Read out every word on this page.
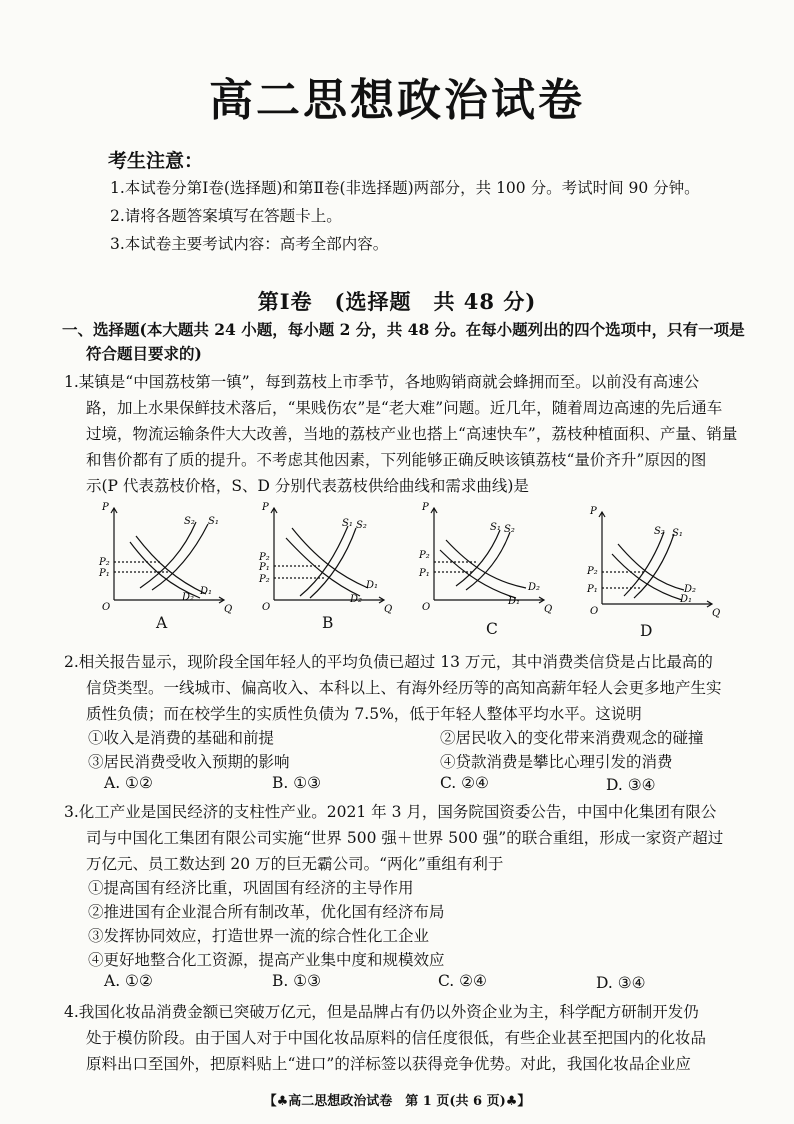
高二思想政治试卷
考生注意：
1.本试卷分第Ⅰ卷(选择题)和第Ⅱ卷(非选择题)两部分，共 100 分。考试时间 90 分钟。
2.请将各题答案填写在答题卡上。
3.本试卷主要考试内容：高考全部内容。
第Ⅰ卷　(选择题　共 48 分)
一、选择题(本大题共 24 小题，每小题 2 分，共 48 分。在每小题列出的四个选项中，只有一项是
符合题目要求的)
1.某镇是“中国荔枝第一镇”，每到荔枝上市季节，各地购销商就会蜂拥而至。以前没有高速公
路，加上水果保鲜技术落后，“果贱伤农”是“老大难”问题。近几年，随着周边高速的先后通车
过境，物流运输条件大大改善，当地的荔枝产业也搭上“高速快车”，荔枝种植面积、产量、销量
和售价都有了质的提升。不考虑其他因素，下列能够正确反映该镇荔枝“量价齐升”原因的图
示(P 代表荔枝价格，S、D 分别代表荔枝供给曲线和需求曲线)是
P
P₂
P₁
O	Q
S₂ S₁
D₂
D₁
A
P
P₂
P₁
P₂
O	Q
S₁ S₂
D₂
D₁
B
P
P₂
P₁
O	Q
S₁ S₂
D₂
D₁
C
P
P₂
P₁
O	Q
S₂ S₁
D₂
D₁
D
2.相关报告显示，现阶段全国年轻人的平均负债已超过 13 万元，其中消费类信贷是占比最高的
信贷类型。一线城市、偏高收入、本科以上、有海外经历等的高知高薪年轻人会更多地产生实
质性负债；而在校学生的实质性负债为 7.5%，低于年轻人整体平均水平。这说明
①收入是消费的基础和前提	②居民收入的变化带来消费观念的碰撞
③居民消费受收入预期的影响	④贷款消费是攀比心理引发的消费
A. ①②	B. ①③	C. ②④	D. ③④
3.化工产业是国民经济的支柱性产业。2021 年 3 月，国务院国资委公告，中国中化集团有限公
司与中国化工集团有限公司实施“世界 500 强＋世界 500 强”的联合重组，形成一家资产超过
万亿元、员工数达到 20 万的巨无霸公司。“两化”重组有利于
①提高国有经济比重，巩固国有经济的主导作用
②推进国有企业混合所有制改革，优化国有经济布局
③发挥协同效应，打造世界一流的综合性化工企业
④更好地整合化工资源，提高产业集中度和规模效应
A. ①②	B. ①③	C. ②④	D. ③④
4.我国化妆品消费金额已突破万亿元，但是品牌占有仍以外资企业为主，科学配方研制开发仍
处于模仿阶段。由于国人对于中国化妆品原料的信任度很低，有些企业甚至把国内的化妆品
原料出口至国外，把原料贴上“进口”的洋标签以获得竞争优势。对此，我国化妆品企业应
【♣高二思想政治试卷　第 1 页(共 6 页)♣】
